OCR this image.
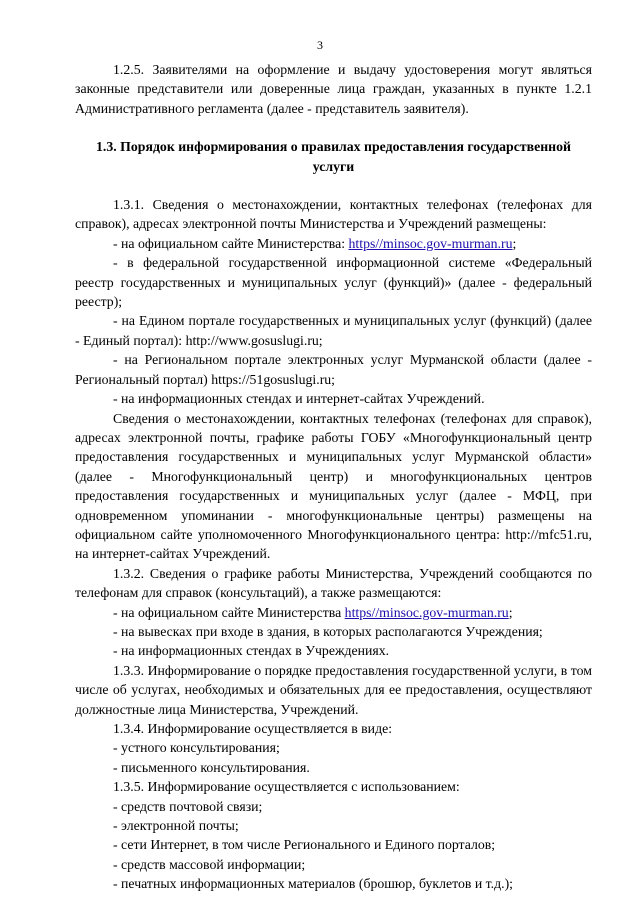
3

1.2.5. Заявителями на оформление и выдачу удостоверения могут являться законные представители или доверенные лица граждан, указанных в пункте 1.2.1 Административного регламента (далее - представитель заявителя).

1.3. Порядок информирования о правилах предоставления государственной услуги

1.3.1. Сведения о местонахождении, контактных телефонах (телефонах для справок), адресах электронной почты Министерства и Учреждений размещены:

- на официальном сайте Министерства: https//minsoc.gov-murman.ru;

- в федеральной государственной информационной системе «Федеральный реестр государственных и муниципальных услуг (функций)» (далее - федеральный реестр);

- на Едином портале государственных и муниципальных услуг (функций) (далее - Единый портал): http://www.gosuslugi.ru;

- на Региональном портале электронных услуг Мурманской области (далее - Региональный портал) https://51gosuslugi.ru;

- на информационных стендах и интернет-сайтах Учреждений.

Сведения о местонахождении, контактных телефонах (телефонах для справок), адресах электронной почты, графике работы ГОБУ «Многофункциональный центр предоставления государственных и муниципальных услуг Мурманской области» (далее - Многофункциональный центр) и многофункциональных центров предоставления государственных и муниципальных услуг (далее - МФЦ, при одновременном упоминании - многофункциональные центры) размещены на официальном сайте уполномоченного Многофункционального центра: http://mfc51.ru, на интернет-сайтах Учреждений.

1.3.2. Сведения о графике работы Министерства, Учреждений сообщаются по телефонам для справок (консультаций), а также размещаются:

- на официальном сайте Министерства https//minsoc.gov-murman.ru;

- на вывесках при входе в здания, в которых располагаются Учреждения;

- на информационных стендах в Учреждениях.

1.3.3. Информирование о порядке предоставления государственной услуги, в том числе об услугах, необходимых и обязательных для ее предоставления, осуществляют должностные лица Министерства, Учреждений.

1.3.4. Информирование осуществляется в виде:

- устного консультирования;

- письменного консультирования.

1.3.5. Информирование осуществляется с использованием:

- средств почтовой связи;

- электронной почты;

- сети Интернет, в том числе Регионального и Единого порталов;

- средств массовой информации;

- печатных информационных материалов (брошюр, буклетов и т.д.);
